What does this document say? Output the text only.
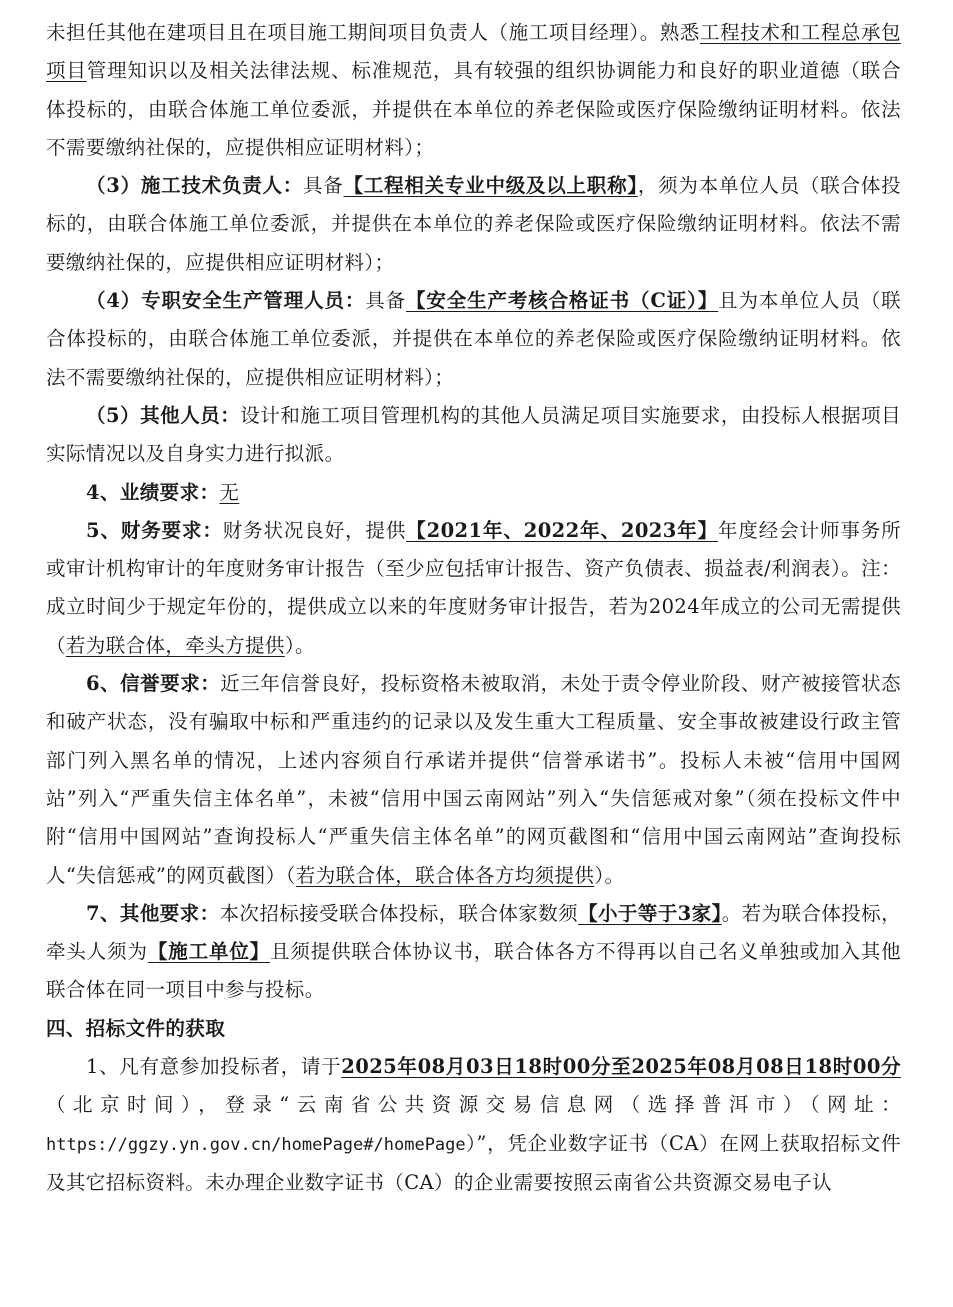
未担任其他在建项目且在项目施工期间项目负责人（施工项目经理）。熟悉工程技术和工程总承包项目管理知识以及相关法律法规、标准规范，具有较强的组织协调能力和良好的职业道德（联合体投标的，由联合体施工单位委派，并提供在本单位的养老保险或医疗保险缴纳证明材料。依法不需要缴纳社保的，应提供相应证明材料）；

（3）施工技术负责人：具备【工程相关专业中级及以上职称】，须为本单位人员（联合体投标的，由联合体施工单位委派，并提供在本单位的养老保险或医疗保险缴纳证明材料。依法不需要缴纳社保的，应提供相应证明材料）；

（4）专职安全生产管理人员：具备【安全生产考核合格证书（C证）】且为本单位人员（联合体投标的，由联合体施工单位委派，并提供在本单位的养老保险或医疗保险缴纳证明材料。依法不需要缴纳社保的，应提供相应证明材料）；

（5）其他人员：设计和施工项目管理机构的其他人员满足项目实施要求，由投标人根据项目实际情况以及自身实力进行拟派。

4、业绩要求：无

5、财务要求：财务状况良好，提供【2021年、2022年、2023年】年度经会计师事务所或审计机构审计的年度财务审计报告（至少应包括审计报告、资产负债表、损益表/利润表）。注：成立时间少于规定年份的，提供成立以来的年度财务审计报告，若为2024年成立的公司无需提供（若为联合体，牵头方提供）。

6、信誉要求：近三年信誉良好，投标资格未被取消，未处于责令停业阶段、财产被接管状态和破产状态，没有骗取中标和严重违约的记录以及发生重大工程质量、安全事故被建设行政主管部门列入黑名单的情况，上述内容须自行承诺并提供“信誉承诺书”。投标人未被“信用中国网站”列入“严重失信主体名单”，未被“信用中国云南网站”列入“失信惩戒对象”（须在投标文件中附“信用中国网站”查询投标人“严重失信主体名单”的网页截图和“信用中国云南网站”查询投标人“失信惩戒”的网页截图）（若为联合体，联合体各方均须提供）。

7、其他要求：本次招标接受联合体投标，联合体家数须【小于等于3家】。若为联合体投标，牵头人须为【施工单位】且须提供联合体协议书，联合体各方不得再以自己名义单独或加入其他联合体在同一项目中参与投标。

四、招标文件的获取

1、凡有意参加投标者，请于2025年08月03日18时00分至2025年08月08日18时00分（北京时间），登录“云南省公共资源交易信息网（选择普洱市）（网址：https://ggzy.yn.gov.cn/homePage#/homePage）”，凭企业数字证书（CA）在网上获取招标文件及其它招标资料。未办理企业数字证书（CA）的企业需要按照云南省公共资源交易电子认
